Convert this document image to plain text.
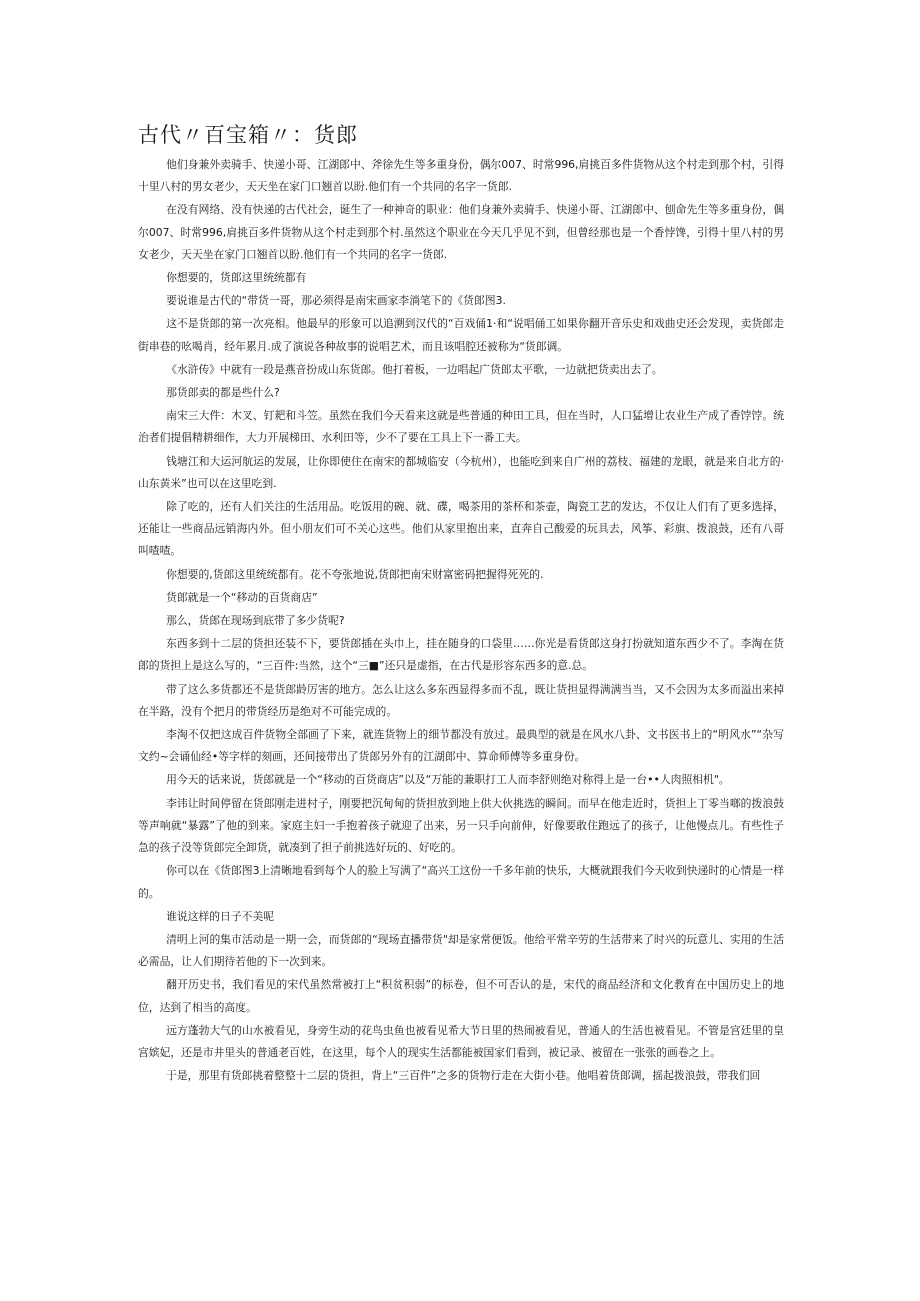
古代〃百宝箱〃：货郎

他们身兼外卖骑手、快递小哥、江湖郎中、斧徐先生等多重身份，偶尔007、时常996,肩挑百多件货物从这个村走到那个村，引得十里八村的男女老少，天天坐在家门口翘首以盼.他们有一个共同的名字一货郎.

在没有网络、没有快递的古代社会，诞生了一种神奇的职业：他们身兼外卖骑手、快递小哥、江湖郎中、刨命先生等多重身份，偶尔007、时常996,肩挑百多件货物从这个村走到那个村.虽然这个职业在今天几乎见不到，但曾经那也是一个香悖馋，引得十里八村的男女老少，天天坐在家门口翘首以盼.他们有一个共同的名字一货郎.

你想要的，货郎这里统统都有

要说谁是古代的“带货一哥，那必须得是南宋画家李淌笔下的《货郎图3.

这不是货郎的第一次亮相。他最早的形象可以追溯到汉代的“百戏俑1·和“说唱俑工如果你翻开音乐史和戏曲史还会发现，卖货郎走街串巷的吆喝肖，经年累月.成了演说各种故事的说唱艺术，而且该唱腔还被称为“货郎调。

《水浒传》中就有一段是燕音扮成山东货郎。他打着板，一边唱起广货郎太平歌，一边就把货卖出去了。

那货郎卖的都是些什么?

南宋三大件：木叉、钉耙和斗笠。虽然在我们今天看来这就是些普通的种田工具，但在当时，人口猛增让农业生产成了香饽饽。统治者们提倡精耕细作，大力开展梯田、水利田等，少不了要在工具上下一番工夫。

钱塘江和大运河航运的发展，让你即使住在南宋的都城临安（今杭州），也能吃到来自广州的荔枝、福建的龙眼，就是来自北方的·山东黄米”也可以在这里吃到.

除了吃的，还有人们关注的生活用品。吃饭用的碗、就、碟，喝茶用的茶杯和茶壶，陶瓷工艺的发达，不仅让人们有了更多选择，还能让一些商品远销海内外。但小朋友们可不关心这些。他们从家里抱出来，直奔自己酸爱的玩具去，风筝、彩旗、拨浪鼓，还有八哥叫喳喳。

你想要的,货郎这里统统都有。花不夸张地说,货郎把南宋财富密码把握得死死的.

货郎就是一个“移动的百货商店”

那么，货郎在现场到底带了多少货呢?

东西多到十二层的货担还装不下，要货郎插在头巾上，挂在随身的口袋里……你光是看货郎这身打扮就知道东西少不了。李淘在货郎的货担上是这么写的，“三百件:当然，这个“三■”还只是虚指，在古代是形容东西多的意.总。

带了这么多货都还不是货郎龄厉害的地方。怎么让这么多东西显得多而不乱，既让货担显得满满当当，又不会因为太多而溢出来掉在半路，没有个把月的带货经历是绝对不可能完成的。

李淘不仅把这成百件货物全部画了下来，就连货物上的细节都没有放过。最典型的就是在风水八卦、文书医书上的“明风水”“杂写文约~会诵仙经•等字样的刻画，还间接带出了货郎另外有的江湖郎中、算命师傅等多重身份。

用今天的话来说，货郎就是一个“移动的百货商店”以及“万能的兼职打工人而李舒则绝对称得上是一台••人肉照相机"。

李讳让时间停留在货郎刚走进村子，刚要把沉甸甸的货担放到地上供大伙挑选的瞬间。而早在他走近时，货担上丁零当啷的拨浪鼓等声响就“暴露”了他的到来。家庭主妇一手抱着孩子就迎了出来，另一只手向前伸，好像要敢住跑远了的孩子，让他慢点儿。有些性子急的孩子没等货郎完全卸货，就凑到了担子前挑选好玩的、好吃的。

你可以在《货郎图3上清晰地看到每个人的脸上写满了“高兴工这份一千多年前的快乐，大概就跟我们今天收到快递时的心情是一样的。

谁说这样的日子不美呢

清明上河的集市活动是一期一会，而货郎的“现场直播带货"却是家常便饭。他给平常辛劳的生活带来了时兴的玩意儿、实用的生活必需品，让人们期待若他的下一次到来。

翻开历史书，我们看见的宋代虽然常被打上“积贫积弱”的标卷，但不可否认的是，宋代的商品经济和文化教育在中国历史上的地位，达到了相当的高度。

远方蓬勃大气的山水被看见，身旁生动的花鸟虫鱼也被看见希大节日里的热闹被看见，普通人的生活也被看见。不管是宫廷里的皇宫嫔妃，还是市井里头的普通老百姓，在这里，每个人的现实生活都能被国家们看到，被记录、被留在一张张的画卷之上。

于是，那里有货郎挑着整整十二层的货担，背上“三百件”之多的货物行走在大街小巷。他唱着货郎调，摇起拨浪鼓，带我们回
